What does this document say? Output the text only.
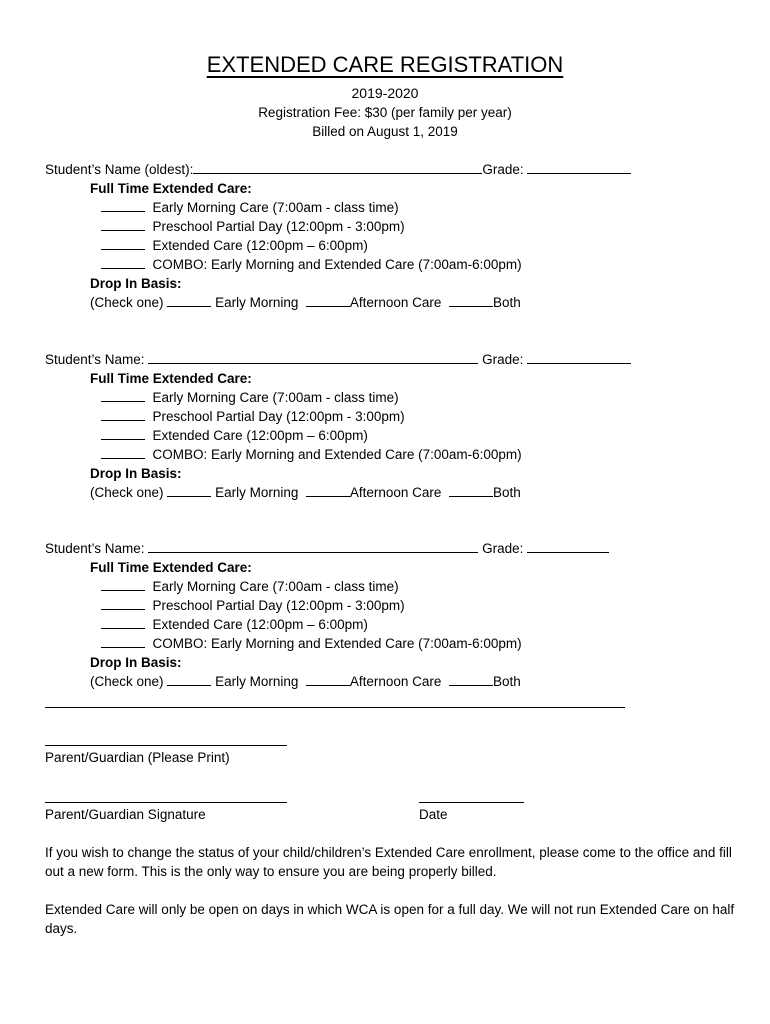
EXTENDED CARE REGISTRATION
2019-2020
Registration Fee: $30 (per family per year)
Billed on August 1, 2019
Student’s Name (oldest):	Grade:
Full Time Extended Care:
Early Morning Care (7:00am - class time)
Preschool Partial Day (12:00pm - 3:00pm)
Extended Care (12:00pm – 6:00pm)
COMBO: Early Morning and Extended Care (7:00am-6:00pm)
Drop In Basis:
(Check one)	Early Morning	Afternoon Care	Both
Student’s Name:	Grade:
Full Time Extended Care:
Early Morning Care (7:00am - class time)
Preschool Partial Day (12:00pm - 3:00pm)
Extended Care (12:00pm – 6:00pm)
COMBO: Early Morning and Extended Care (7:00am-6:00pm)
Drop In Basis:
(Check one)	Early Morning	Afternoon Care	Both
Student’s Name:	Grade:
Full Time Extended Care:
Early Morning Care (7:00am - class time)
Preschool Partial Day (12:00pm - 3:00pm)
Extended Care (12:00pm – 6:00pm)
COMBO: Early Morning and Extended Care (7:00am-6:00pm)
Drop In Basis:
(Check one)	Early Morning	Afternoon Care	Both
Parent/Guardian (Please Print)
Parent/Guardian Signature	Date
If you wish to change the status of your child/children’s Extended Care enrollment, please come to the office and fill out a new form. This is the only way to ensure you are being properly billed.
Extended Care will only be open on days in which WCA is open for a full day. We will not run Extended Care on half days.
